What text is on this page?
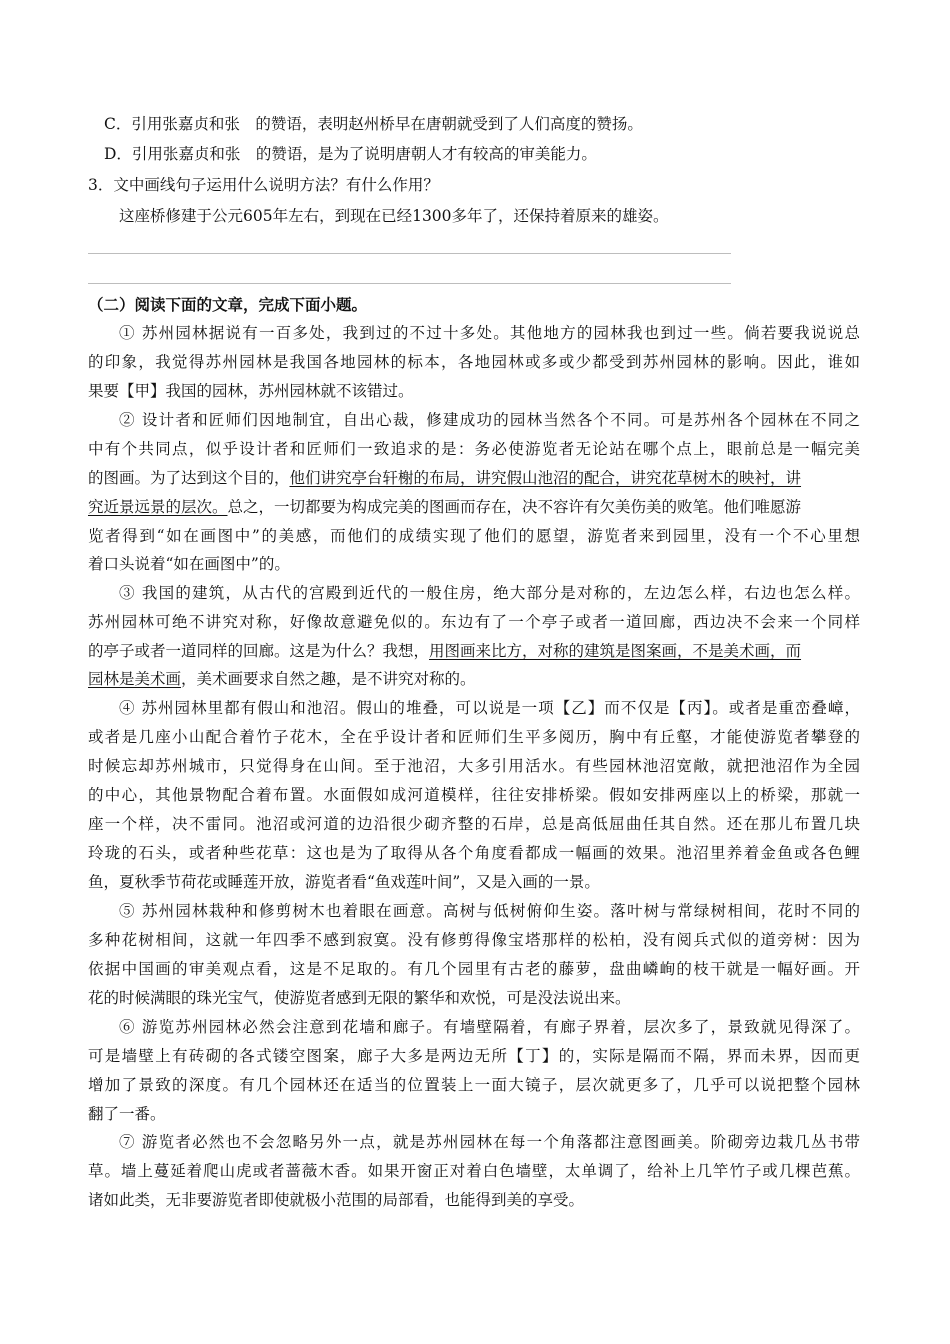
C．引用张嘉贞和张　的赞语，表明赵州桥早在唐朝就受到了人们高度的赞扬。
D．引用张嘉贞和张　的赞语，是为了说明唐朝人才有较高的审美能力。
3．文中画线句子运用什么说明方法？有什么作用？
这座桥修建于公元605年左右，到现在已经1300多年了，还保持着原来的雄姿。
（二）阅读下面的文章，完成下面小题。
① 苏州园林据说有一百多处，我到过的不过十多处。其他地方的园林我也到过一些。倘若要我说说总
的印象，我觉得苏州园林是我国各地园林的标本，各地园林或多或少都受到苏州园林的影响。因此，谁如
果要【甲】我国的园林，苏州园林就不该错过。
② 设计者和匠师们因地制宜，自出心裁，修建成功的园林当然各个不同。可是苏州各个园林在不同之
中有个共同点，似乎设计者和匠师们一致追求的是：务必使游览者无论站在哪个点上，眼前总是一幅完美
的图画。为了达到这个目的，他们讲究亭台轩榭的布局，讲究假山池沼的配合，讲究花草树木的映衬，讲
究近景远景的层次。总之，一切都要为构成完美的图画而存在，决不容许有欠美伤美的败笔。他们唯愿游
览者得到“如在画图中”的美感，而他们的成绩实现了他们的愿望，游览者来到园里，没有一个不心里想
着口头说着“如在画图中”的。
③ 我国的建筑，从古代的宫殿到近代的一般住房，绝大部分是对称的，左边怎么样，右边也怎么样。
苏州园林可绝不讲究对称，好像故意避免似的。东边有了一个亭子或者一道回廊，西边决不会来一个同样
的亭子或者一道同样的回廊。这是为什么？我想，用图画来比方，对称的建筑是图案画，不是美术画，而
园林是美术画，美术画要求自然之趣，是不讲究对称的。
④ 苏州园林里都有假山和池沼。假山的堆叠，可以说是一项【乙】而不仅是【丙】。或者是重峦叠嶂，
或者是几座小山配合着竹子花木，全在乎设计者和匠师们生平多阅历，胸中有丘壑，才能使游览者攀登的
时候忘却苏州城市，只觉得身在山间。至于池沼，大多引用活水。有些园林池沼宽敞，就把池沼作为全园
的中心，其他景物配合着布置。水面假如成河道模样，往往安排桥梁。假如安排两座以上的桥梁，那就一
座一个样，决不雷同。池沼或河道的边沿很少砌齐整的石岸，总是高低屈曲任其自然。还在那儿布置几块
玲珑的石头，或者种些花草：这也是为了取得从各个角度看都成一幅画的效果。池沼里养着金鱼或各色鲤
鱼，夏秋季节荷花或睡莲开放，游览者看“鱼戏莲叶间”，又是入画的一景。
⑤ 苏州园林栽种和修剪树木也着眼在画意。高树与低树俯仰生姿。落叶树与常绿树相间，花时不同的
多种花树相间，这就一年四季不感到寂寞。没有修剪得像宝塔那样的松柏，没有阅兵式似的道旁树：因为
依据中国画的审美观点看，这是不足取的。有几个园里有古老的藤萝，盘曲嶙峋的枝干就是一幅好画。开
花的时候满眼的珠光宝气，使游览者感到无限的繁华和欢悦，可是没法说出来。
⑥ 游览苏州园林必然会注意到花墙和廊子。有墙壁隔着，有廊子界着，层次多了，景致就见得深了。
可是墙壁上有砖砌的各式镂空图案，廊子大多是两边无所【丁】的，实际是隔而不隔，界而未界，因而更
增加了景致的深度。有几个园林还在适当的位置装上一面大镜子，层次就更多了，几乎可以说把整个园林
翻了一番。
⑦ 游览者必然也不会忽略另外一点，就是苏州园林在每一个角落都注意图画美。阶砌旁边栽几丛书带
草。墙上蔓延着爬山虎或者蔷薇木香。如果开窗正对着白色墙壁，太单调了，给补上几竿竹子或几棵芭蕉。
诸如此类，无非要游览者即使就极小范围的局部看，也能得到美的享受。
